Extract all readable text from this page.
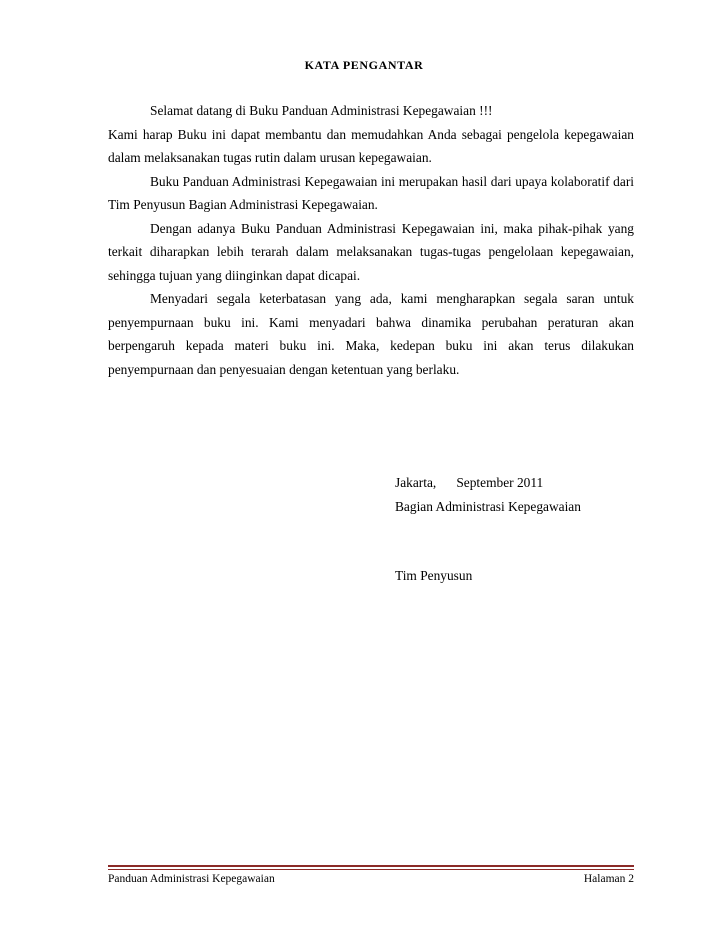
KATA PENGANTAR

Selamat datang di Buku Panduan Administrasi Kepegawaian !!!

Kami harap Buku ini dapat membantu dan memudahkan Anda sebagai pengelola kepegawaian dalam melaksanakan tugas rutin dalam urusan kepegawaian.

Buku Panduan Administrasi Kepegawaian ini merupakan hasil dari upaya kolaboratif dari Tim Penyusun Bagian Administrasi Kepegawaian.

Dengan adanya Buku Panduan Administrasi Kepegawaian ini, maka pihak-pihak yang terkait diharapkan lebih terarah dalam melaksanakan tugas-tugas pengelolaan kepegawaian, sehingga tujuan yang diinginkan dapat dicapai.

Menyadari segala keterbatasan yang ada, kami mengharapkan segala saran untuk penyempurnaan buku ini. Kami menyadari bahwa dinamika perubahan peraturan akan berpengaruh kepada materi buku ini. Maka, kedepan buku ini akan terus dilakukan penyempurnaan dan penyesuaian dengan ketentuan yang berlaku.

Jakarta,      September 2011
Bagian Administrasi Kepegawaian
Tim Penyusun
Panduan Administrasi Kepegawaian	Halaman 2
